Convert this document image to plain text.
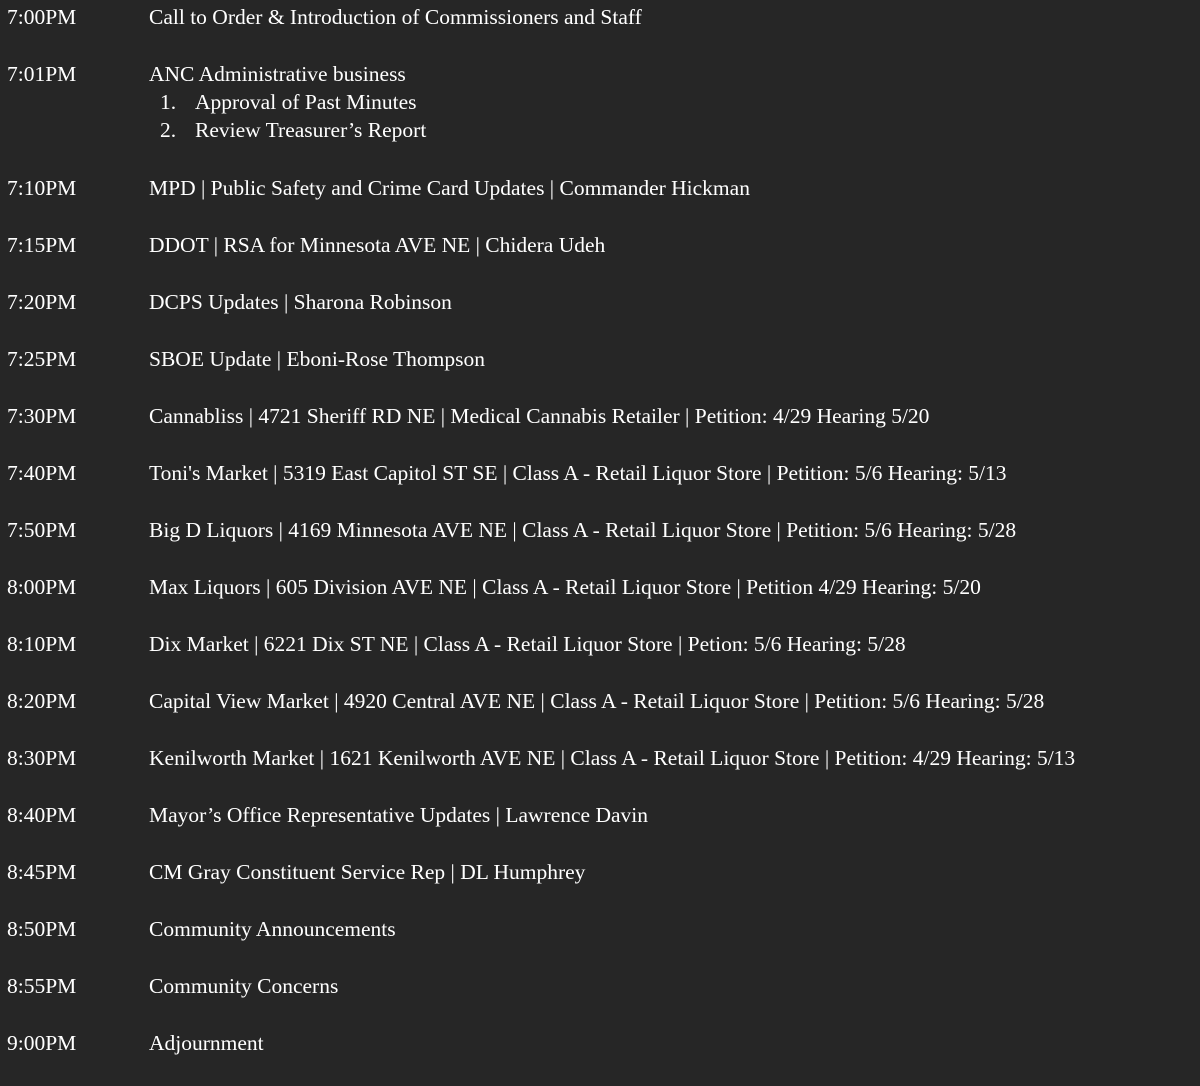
7:00PM	Call to Order & Introduction of Commissioners and Staff
7:01PM	ANC Administrative business
1. Approval of Past Minutes
2. Review Treasurer’s Report
7:10PM	MPD | Public Safety and Crime Card Updates | Commander Hickman
7:15PM	DDOT | RSA for Minnesota AVE NE | Chidera Udeh
7:20PM	DCPS Updates | Sharona Robinson
7:25PM	SBOE Update | Eboni-Rose Thompson
7:30PM	Cannabliss | 4721 Sheriff RD NE | Medical Cannabis Retailer | Petition: 4/29 Hearing 5/20
7:40PM	Toni's Market | 5319 East Capitol ST SE | Class A - Retail Liquor Store | Petition: 5/6 Hearing: 5/13
7:50PM	Big D Liquors | 4169 Minnesota AVE NE | Class A - Retail Liquor Store | Petition: 5/6 Hearing: 5/28
8:00PM	Max Liquors | 605 Division AVE NE | Class A - Retail Liquor Store | Petition 4/29 Hearing: 5/20
8:10PM	Dix Market | 6221 Dix ST NE | Class A - Retail Liquor Store | Petion: 5/6 Hearing: 5/28
8:20PM	Capital View Market | 4920 Central AVE NE | Class A - Retail Liquor Store | Petition: 5/6 Hearing: 5/28
8:30PM	Kenilworth Market | 1621 Kenilworth AVE NE | Class A - Retail Liquor Store | Petition: 4/29 Hearing: 5/13
8:40PM	Mayor’s Office Representative Updates | Lawrence Davin
8:45PM	CM Gray Constituent Service Rep | DL Humphrey
8:50PM	Community Announcements
8:55PM	Community Concerns
9:00PM	Adjournment
